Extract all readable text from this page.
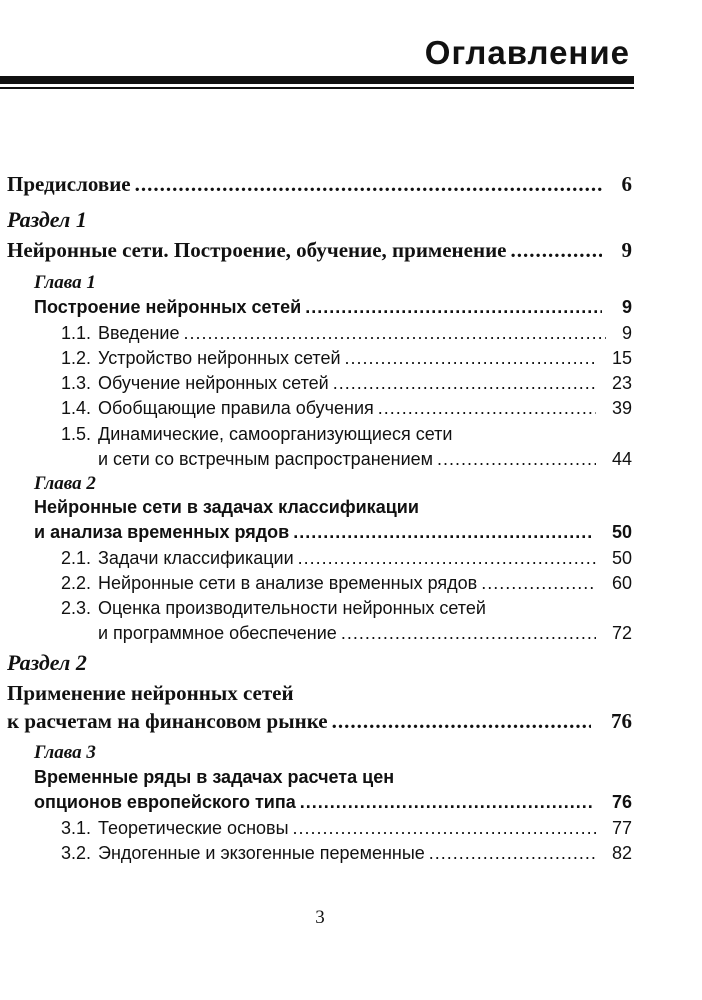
Оглавление
Предисловие .....	6
Раздел 1
Нейронные сети. Построение, обучение, применение .....	9
Глава 1
Построение нейронных сетей .....	9
1.1. Введение .....	9
1.2. Устройство нейронных сетей .....	15
1.3. Обучение нейронных сетей .....	23
1.4. Обобщающие правила обучения .....	39
1.5. Динамические, самоорганизующиеся сети
и сети со встречным распространением .....	44
Глава 2
Нейронные сети в задачах классификации
и анализа временных рядов .....	50
2.1. Задачи классификации .....	50
2.2. Нейронные сети в анализе временных рядов .....	60
2.3. Оценка производительности нейронных сетей
и программное обеспечение .....	72
Раздел 2
Применение нейронных сетей
к расчетам на финансовом рынке .....	76
Глава 3
Временные ряды в задачах расчета цен
опционов европейского типа .....	76
3.1. Теоретические основы .....	77
3.2. Эндогенные и экзогенные переменные .....	82
3
